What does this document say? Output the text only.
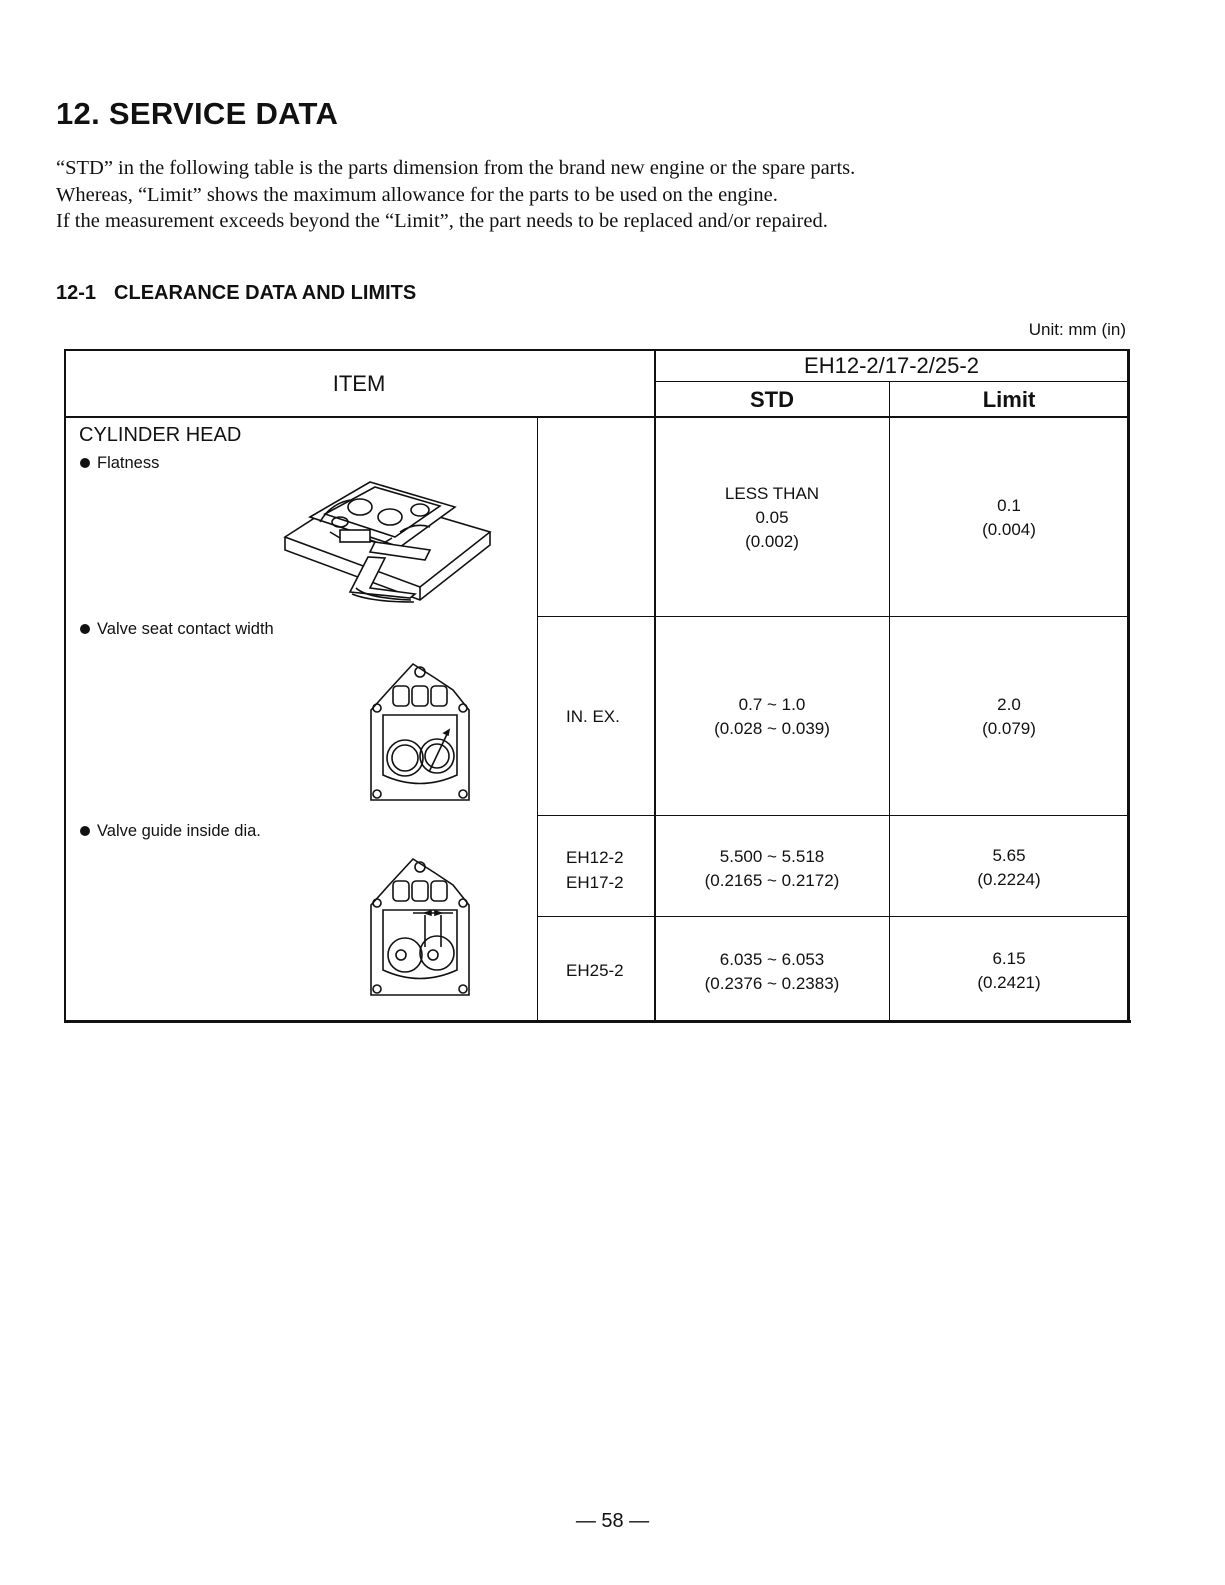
12. SERVICE DATA

“STD” in the following table is the parts dimension from the brand new engine or the spare parts.

Whereas, “Limit” shows the maximum allowance for the parts to be used on the engine.

If the measurement exceeds beyond the “Limit”, the part needs to be replaced and/or repaired.

12-1 CLEARANCE DATA AND LIMITS
Unit: mm (in)
ITEM
EH12-2/17-2/25-2
STD	Limit
CYLINDER HEAD
Flatness
LESS THAN
0.05
(0.002)
0.1
(0.004)
Valve seat contact width
IN. EX.
0.7 ~ 1.0
(0.028 ~ 0.039)
2.0
(0.079)
Valve guide inside dia.
EH12-2
EH17-2
5.500 ~ 5.518
(0.2165 ~ 0.2172)
5.65
(0.2224)
EH25-2
6.035 ~ 6.053
(0.2376 ~ 0.2383)
6.15
(0.2421)
— 58 —
